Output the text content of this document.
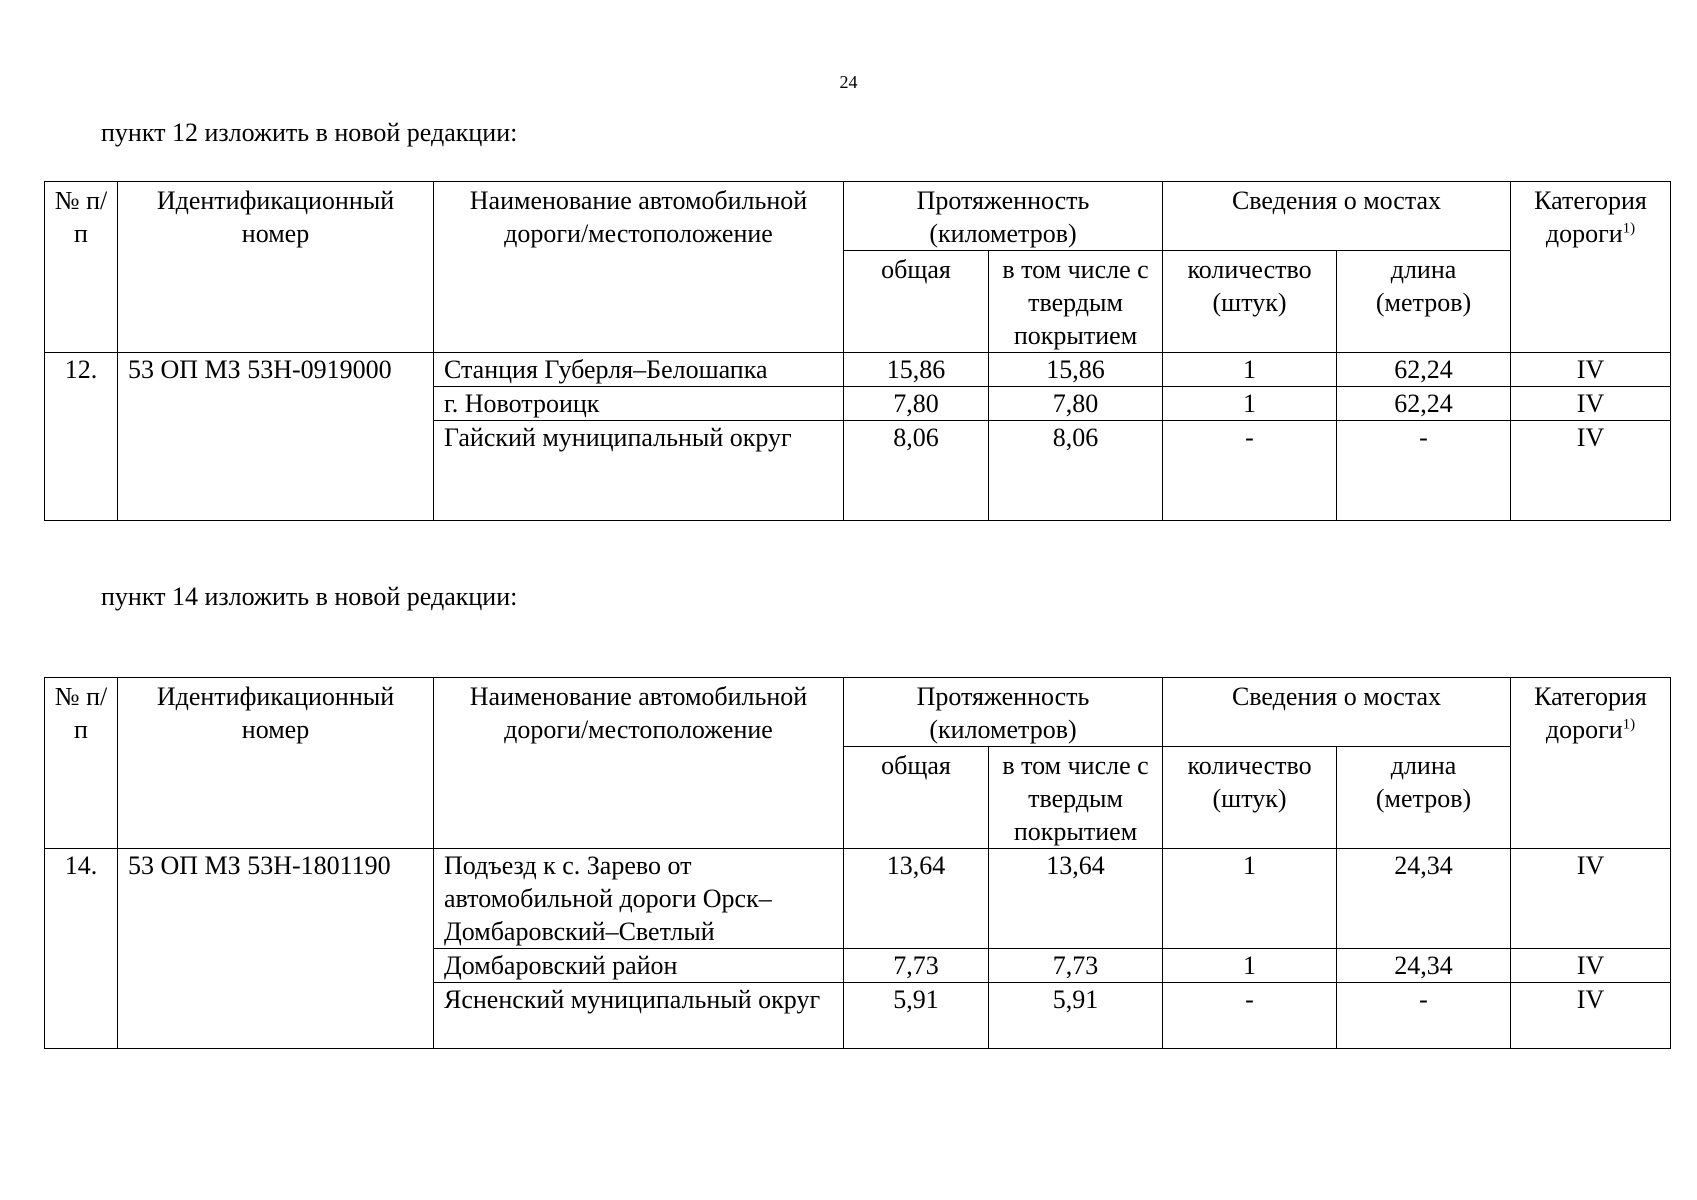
24
пункт 12 изложить в новой редакции:
№ п/п	Идентификационный номер	Наименование автомобильной дороги/местоположение	Протяженность (километров)		Сведения о мостах		Категория дороги$^{1)}$
			общая	в том числе с твердым покрытием	количество (штук)	длина (метров)	
12.	53 ОП МЗ 53Н-0919000	Станция Губерля–Белошапка	15,86	15,86	1	62,24	IV
		г. Новотроицк	7,80	7,80	1	62,24	IV
		Гайский муниципальный округ	8,06	8,06	-	-	IV
пункт 14 изложить в новой редакции:
№ п/п	Идентификационный номер	Наименование автомобильной дороги/местоположение	Протяженность (километров)		Сведения о мостах		Категория дороги$^{1)}$
			общая	в том числе с твердым покрытием	количество (штук)	длина (метров)	
14.	53 ОП МЗ 53Н-1801190	Подъезд к с. Зарево от автомобильной дороги Орск–Домбаровский–Светлый	13,64	13,64	1	24,34	IV
		Домбаровский район	7,73	7,73	1	24,34	IV
		Ясненский муниципальный округ	5,91	5,91	-	-	IV
